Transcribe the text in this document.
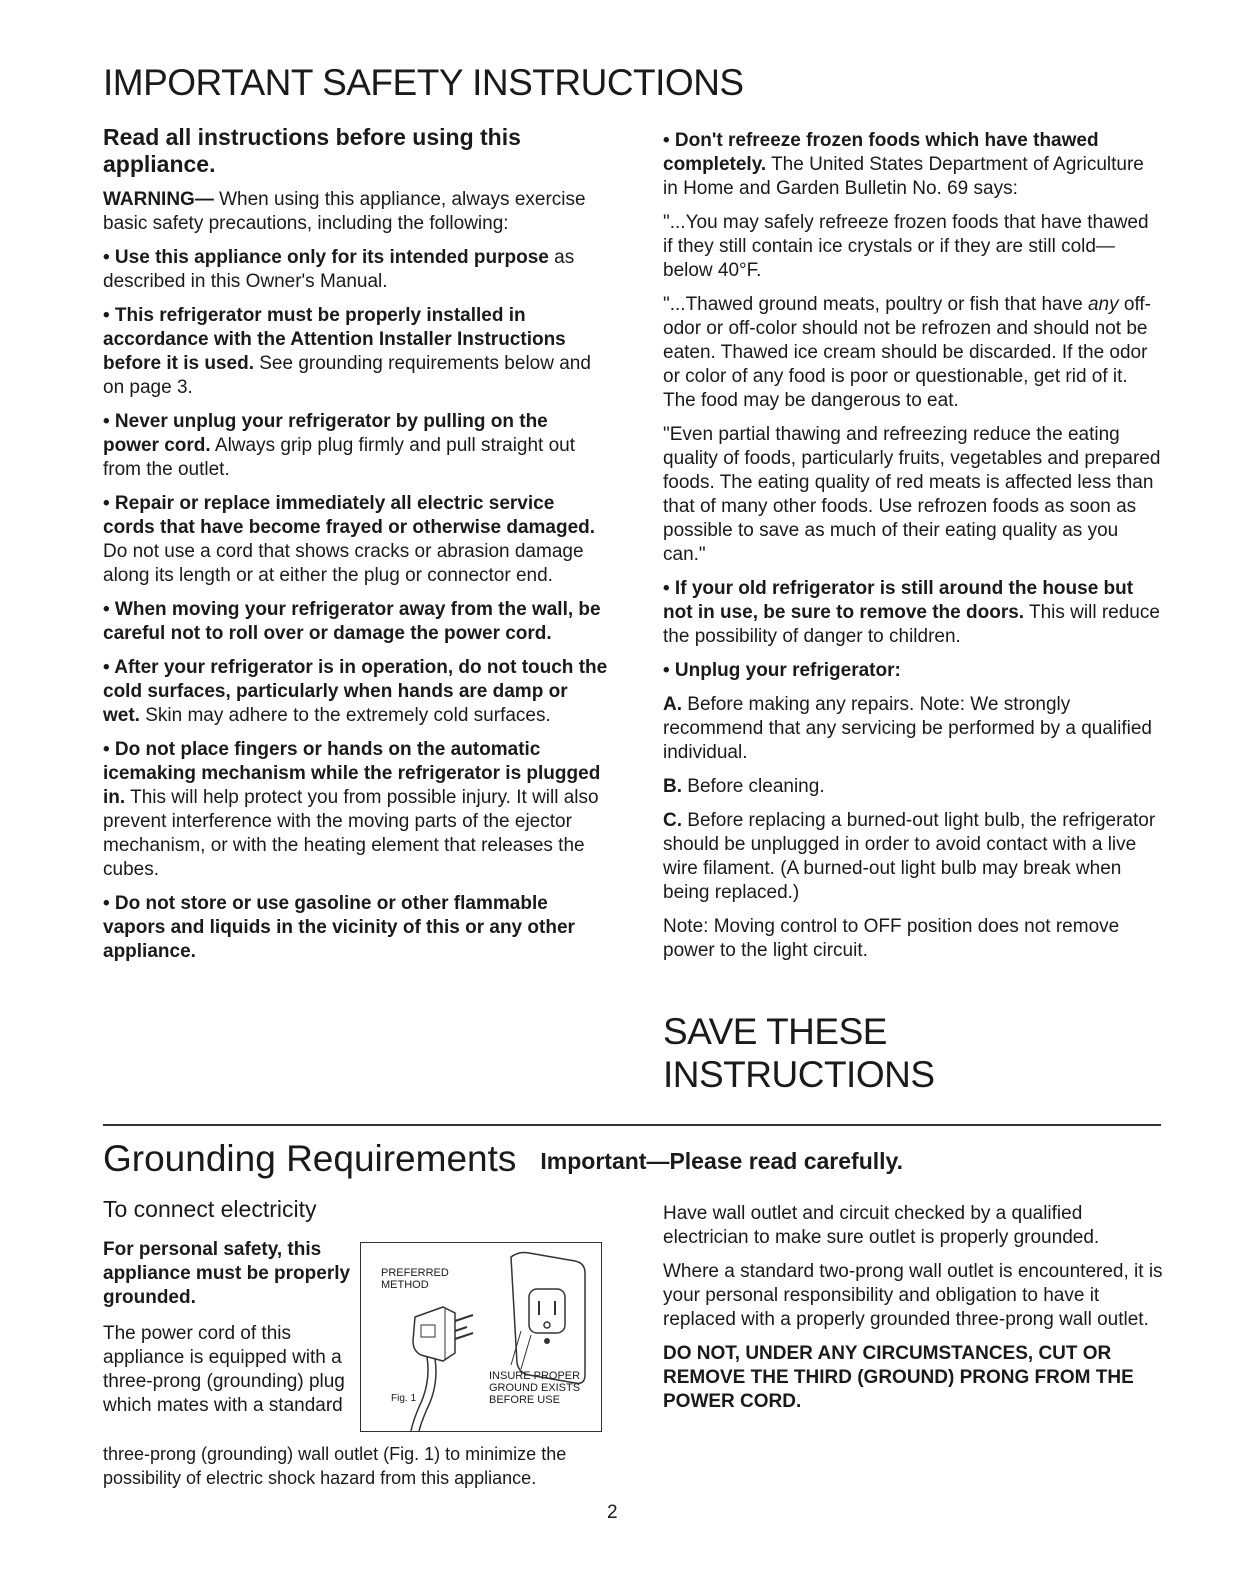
IMPORTANT SAFETY INSTRUCTIONS

Read all instructions before using this appliance.

WARNING— When using this appliance, always exercise basic safety precautions, including the following:

• Use this appliance only for its intended purpose as described in this Owner's Manual.

• This refrigerator must be properly installed in accordance with the Attention Installer Instructions before it is used. See grounding requirements below and on page 3.

• Never unplug your refrigerator by pulling on the power cord. Always grip plug firmly and pull straight out from the outlet.

• Repair or replace immediately all electric service cords that have become frayed or otherwise damaged. Do not use a cord that shows cracks or abrasion damage along its length or at either the plug or connector end.

• When moving your refrigerator away from the wall, be careful not to roll over or damage the power cord.

• After your refrigerator is in operation, do not touch the cold surfaces, particularly when hands are damp or wet. Skin may adhere to the extremely cold surfaces.

• Do not place fingers or hands on the automatic icemaking mechanism while the refrigerator is plugged in. This will help protect you from possible injury. It will also prevent interference with the moving parts of the ejector mechanism, or with the heating element that releases the cubes.

• Do not store or use gasoline or other flammable vapors and liquids in the vicinity of this or any other appliance.

• Don't refreeze frozen foods which have thawed completely. The United States Department of Agriculture in Home and Garden Bulletin No. 69 says:

"...You may safely refreeze frozen foods that have thawed if they still contain ice crystals or if they are still cold—below 40°F.

"...Thawed ground meats, poultry or fish that have any off-odor or off-color should not be refrozen and should not be eaten. Thawed ice cream should be discarded. If the odor or color of any food is poor or questionable, get rid of it. The food may be dangerous to eat.

"Even partial thawing and refreezing reduce the eating quality of foods, particularly fruits, vegetables and prepared foods. The eating quality of red meats is affected less than that of many other foods. Use refrozen foods as soon as possible to save as much of their eating quality as you can."

• If your old refrigerator is still around the house but not in use, be sure to remove the doors. This will reduce the possibility of danger to children.

• Unplug your refrigerator:

A. Before making any repairs. Note: We strongly recommend that any servicing be performed by a qualified individual.

B. Before cleaning.

C. Before replacing a burned-out light bulb, the refrigerator should be unplugged in order to avoid contact with a live wire filament. (A burned-out light bulb may break when being replaced.)

Note: Moving control to OFF position does not remove power to the light circuit.

SAVE THESE INSTRUCTIONS
Grounding Requirements Important—Please read carefully.

To connect electricity

For personal safety, this appliance must be properly grounded.
The power cord of this appliance is equipped with a three-prong (grounding) plug which mates with a standard
three-prong (grounding) wall outlet (Fig. 1) to minimize the possibility of electric shock hazard from this appliance.
PREFERRED METHOD
INSURE PROPER GROUND EXISTS BEFORE USE
Fig. 1

Have wall outlet and circuit checked by a qualified electrician to make sure outlet is properly grounded.

Where a standard two-prong wall outlet is encountered, it is your personal responsibility and obligation to have it replaced with a properly grounded three-prong wall outlet.

DO NOT, UNDER ANY CIRCUMSTANCES, CUT OR REMOVE THE THIRD (GROUND) PRONG FROM THE POWER CORD.

2
